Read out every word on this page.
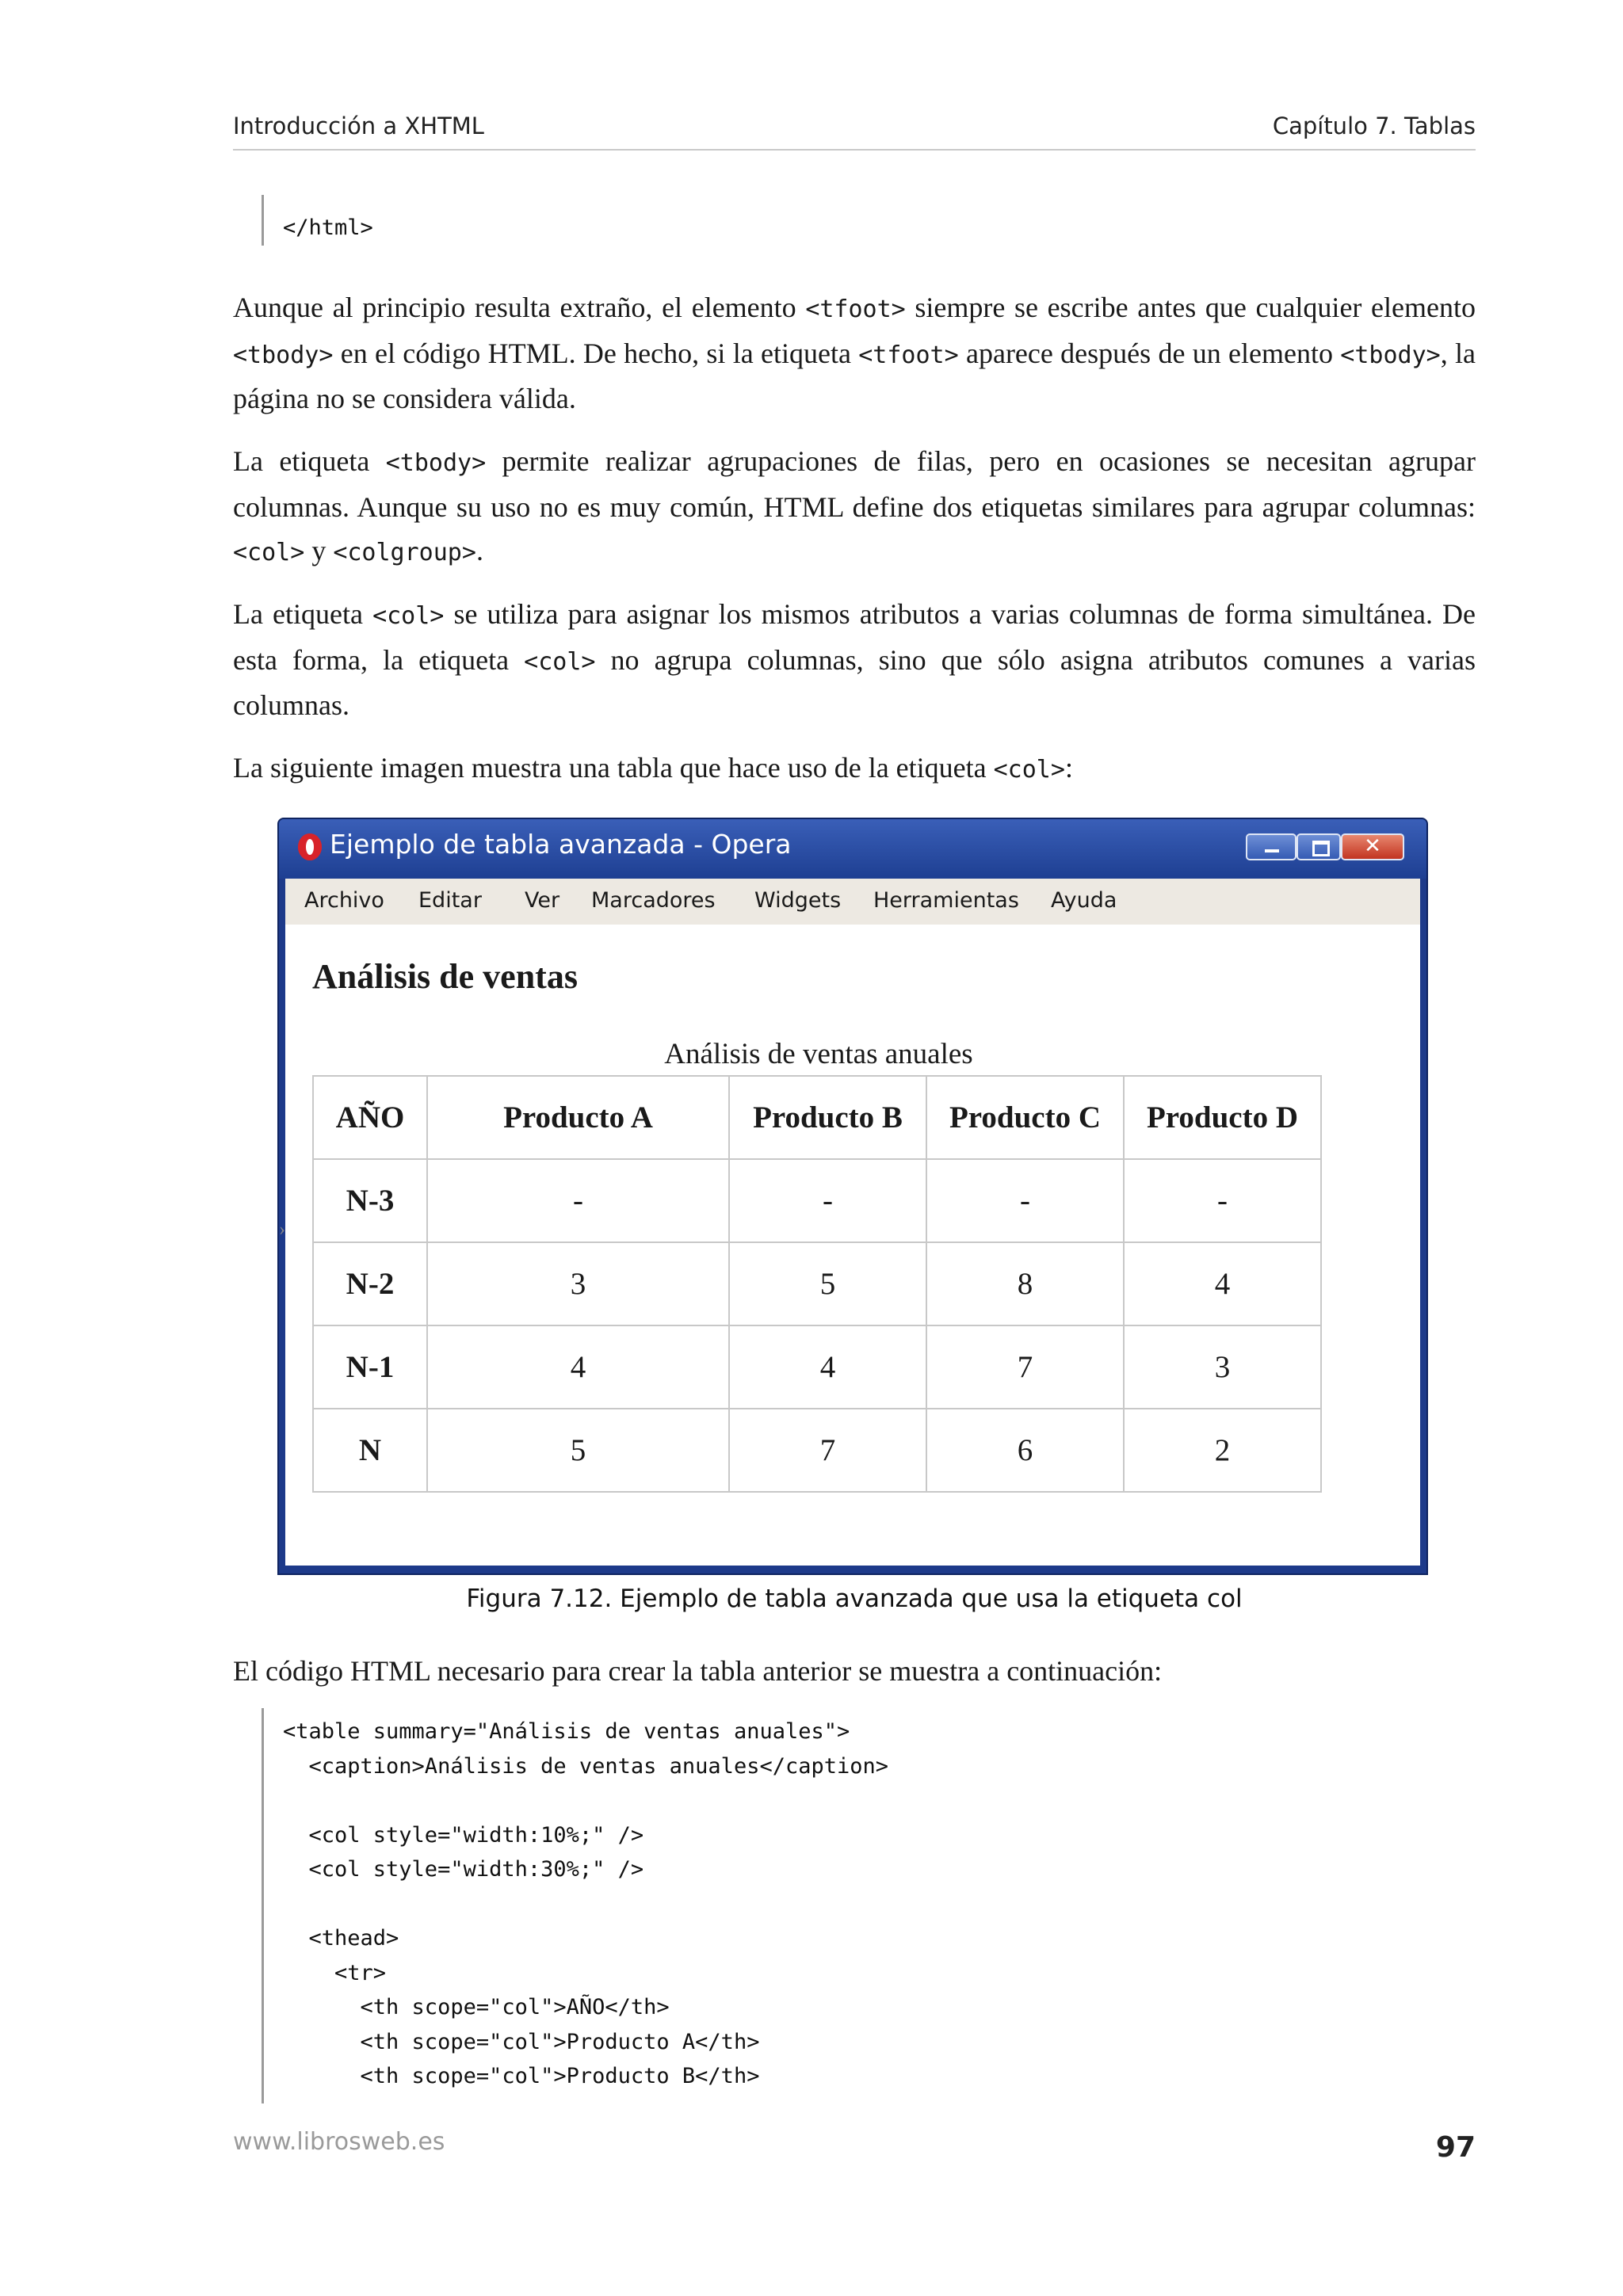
Introducción a XHTML	Capítulo 7. Tablas
</html>

Aunque al principio resulta extraño, el elemento <tfoot> siempre se escribe antes que cualquier elemento <tbody> en el código HTML. De hecho, si la etiqueta <tfoot> aparece después de un elemento <tbody>, la página no se considera válida.

La etiqueta <tbody> permite realizar agrupaciones de filas, pero en ocasiones se necesitan agrupar columnas. Aunque su uso no es muy común, HTML define dos etiquetas similares para agrupar columnas: <col> y <colgroup>.

La etiqueta <col> se utiliza para asignar los mismos atributos a varias columnas de forma simultánea. De esta forma, la etiqueta <col> no agrupa columnas, sino que sólo asigna atributos comunes a varias columnas.

La siguiente imagen muestra una tabla que hace uso de la etiqueta <col>:

Ejemplo de tabla avanzada - Opera	✕
Archivo Editar Ver Marcadores Widgets Herramientas Ayuda
›
Análisis de ventas
Análisis de ventas anuales
AÑO	Producto A	Producto B	Producto C	Producto D
N-3	-	-	-	-
N-2	3	5	8	4
N-1	4	4	7	3
N	5	7	6	2
Figura 7.12. Ejemplo de tabla avanzada que usa la etiqueta col

El código HTML necesario para crear la tabla anterior se muestra a continuación:

<table summary="Análisis de ventas anuales">
<caption>Análisis de ventas anuales</caption>
<col style="width:10%;" />
<col style="width:30%;" />
<thead>
<tr>
<th scope="col">AÑO</th>
<th scope="col">Producto A</th>
<th scope="col">Producto B</th>
www.librosweb.es	97
